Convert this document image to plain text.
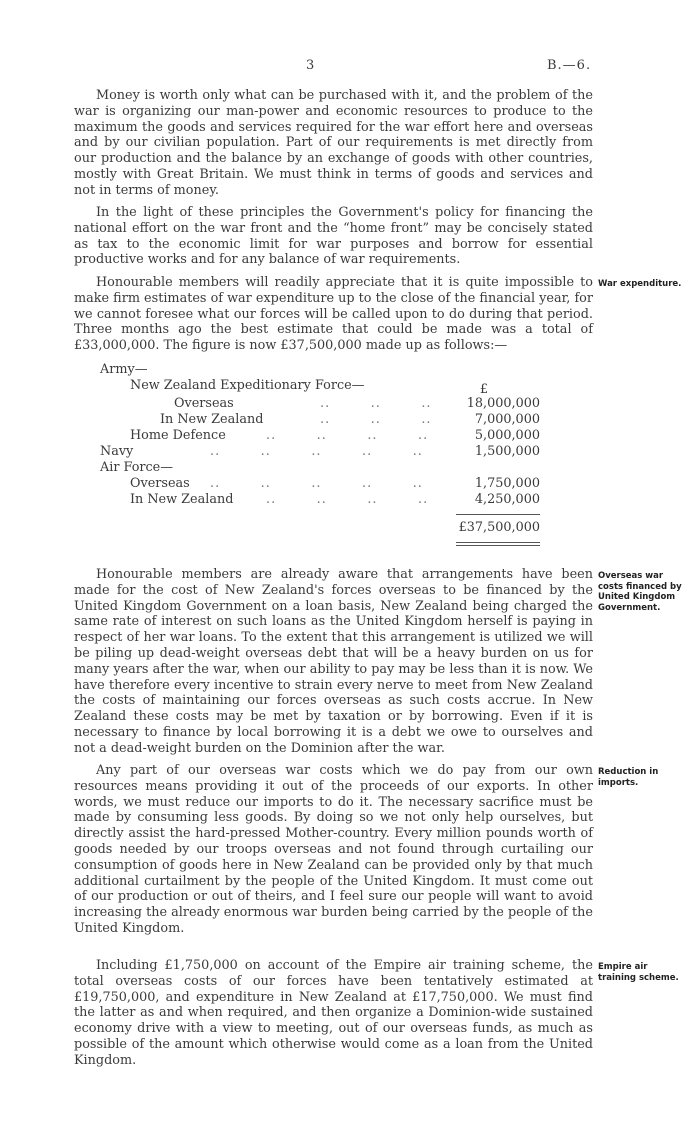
3	B.—6.

Money is worth only what can be purchased with it, and the problem of the war is organizing our man-power and economic resources to produce to the maximum the goods and services required for the war effort here and overseas and by our civilian population. Part of our requirements is met directly from our production and the balance by an exchange of goods with other countries, mostly with Great Britain. We must think in terms of goods and services and not in terms of money.

In the light of these principles the Government's policy for financing the national effort on the war front and the “home front” may be concisely stated as tax to the economic limit for war purposes and borrow for essential productive works and for any balance of war requirements.

Honourable members will readily appreciate that it is quite impossible to make firm estimates of war expenditure up to the close of the financial year, for we cannot foresee what our forces will be called upon to do during that period. Three months ago the best estimate that could be made was a total of £33,000,000. The figure is now £37,500,000 made up as follows:—

War expenditure.
Army—
New Zealand Expeditionary Force—	£
Overseas	..        ..        ..	18,000,000
In New Zealand	..        ..        ..	7,000,000
Home Defence	..        ..        ..        ..	5,000,000
Navy	..        ..        ..        ..        ..	1,500,000
Air Force—
Overseas ..        ..        ..        ..        ..	1,750,000
In New Zealand	..        ..        ..        ..	4,250,000
£37,500,000

Honourable members are already aware that arrangements have been made for the cost of New Zealand's forces overseas to be financed by the United Kingdom Government on a loan basis, New Zealand being charged the same rate of interest on such loans as the United Kingdom herself is paying in respect of her war loans. To the extent that this arrangement is utilized we will be piling up dead-weight overseas debt that will be a heavy burden on us for many years after the war, when our ability to pay may be less than it is now. We have therefore every incentive to strain every nerve to meet from New Zealand the costs of maintaining our forces overseas as such costs accrue. In New Zealand these costs may be met by taxation or by borrowing. Even if it is necessary to finance by local borrowing it is a debt we owe to ourselves and not a dead-weight burden on the Dominion after the war.

Overseas war costs financed by United Kingdom Government.

Any part of our overseas war costs which we do pay from our own resources means providing it out of the proceeds of our exports. In other words, we must reduce our imports to do it. The necessary sacrifice must be made by consuming less goods. By doing so we not only help ourselves, but directly assist the hard-pressed Mother-country. Every million pounds worth of goods needed by our troops overseas and not found through curtailing our consumption of goods here in New Zealand can be provided only by that much additional curtailment by the people of the United Kingdom. It must come out of our production or out of theirs, and I feel sure our people will want to avoid increasing the already enormous war burden being carried by the people of the United Kingdom.

Reduction in imports.

Including £1,750,000 on account of the Empire air training scheme, the total overseas costs of our forces have been tentatively estimated at £19,750,000, and expenditure in New Zealand at £17,750,000. We must find the latter as and when required, and then organize a Dominion-wide sustained economy drive with a view to meeting, out of our overseas funds, as much as possible of the amount which otherwise would come as a loan from the United Kingdom.

Empire air training scheme.
